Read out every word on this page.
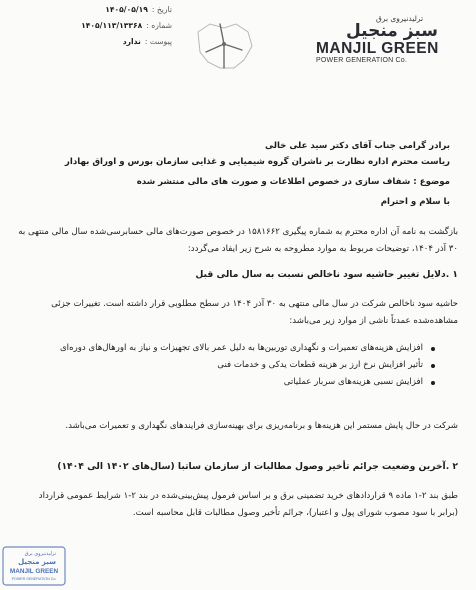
تاریخ :
۱۴۰۵/۰۵/۱۹
شماره :
۱۴۰۵/۱۱۳/۱۳۳۶۸
پیوست :
ندارد
ترلیدنیروی برق
سبز منجیل
MANJIL GREEN
POWER GENERATION Co.
برادر گرامی جناب آقای دکتر سید علی خالی
ریاست محترم اداره نظارت بر ناشران گروه شیمیایی و غذایی سازمان بورس و اوراق بهادار
موضوع : شفاف سازی در خصوص اطلاعات و صورت های مالی منتشر شده
با سلام و احترام
بازگشت به نامه آن اداره محترم به شماره پیگیری ۱۵۸۱۶۶۲ در خصوص صورت‌های مالی حسابرسی‌شده سال مالی منتهی به ۳۰ آذر ۱۴۰۴، توضیحات مربوط به موارد مطروحه به شرح زیر ایفاد می‌گردد:
۱ .دلایل تغییر حاشیه سود ناخالص نسبت به سال مالی قبل
حاشیه سود ناخالص شرکت در سال مالی منتهی به ۳۰ آذر ۱۴۰۴ در سطح مطلوبی قرار داشته است. تغییرات جزئی مشاهده‌شده عمدتاً ناشی از موارد زیر می‌باشد:
افزایش هزینه‌های تعمیرات و نگهداری توربین‌ها به دلیل عمر بالای تجهیزات و نیاز به اورهال‌های دوره‌ای
تأثیر افزایش نرخ ارز بر هزینه قطعات یدکی و خدمات فنی
افزایش نسبی هزینه‌های سربار عملیاتی
شرکت در حال پایش مستمر این هزینه‌ها و برنامه‌ریزی برای بهینه‌سازی فرایندهای نگهداری و تعمیرات می‌باشد.
۲ .آخرین وضعیت جرائم تأخیر وصول مطالبات از سازمان ساتبا (سال‌های ۱۴۰۲ الی ۱۴۰۴)
طبق بند ۲-۱ ماده ۹ قراردادهای خرید تضمینی برق و بر اساس فرمول پیش‌بینی‌شده در بند ۲-۱ شرایط عمومی قرارداد (برابر با سود مصوب شورای پول و اعتبار)، جرائم تأخیر وصول مطالبات قابل محاسبه است.
ترلیدنیروی برق
سبز منجیل
MANJIL GREEN
POWER GENERATION Co.
